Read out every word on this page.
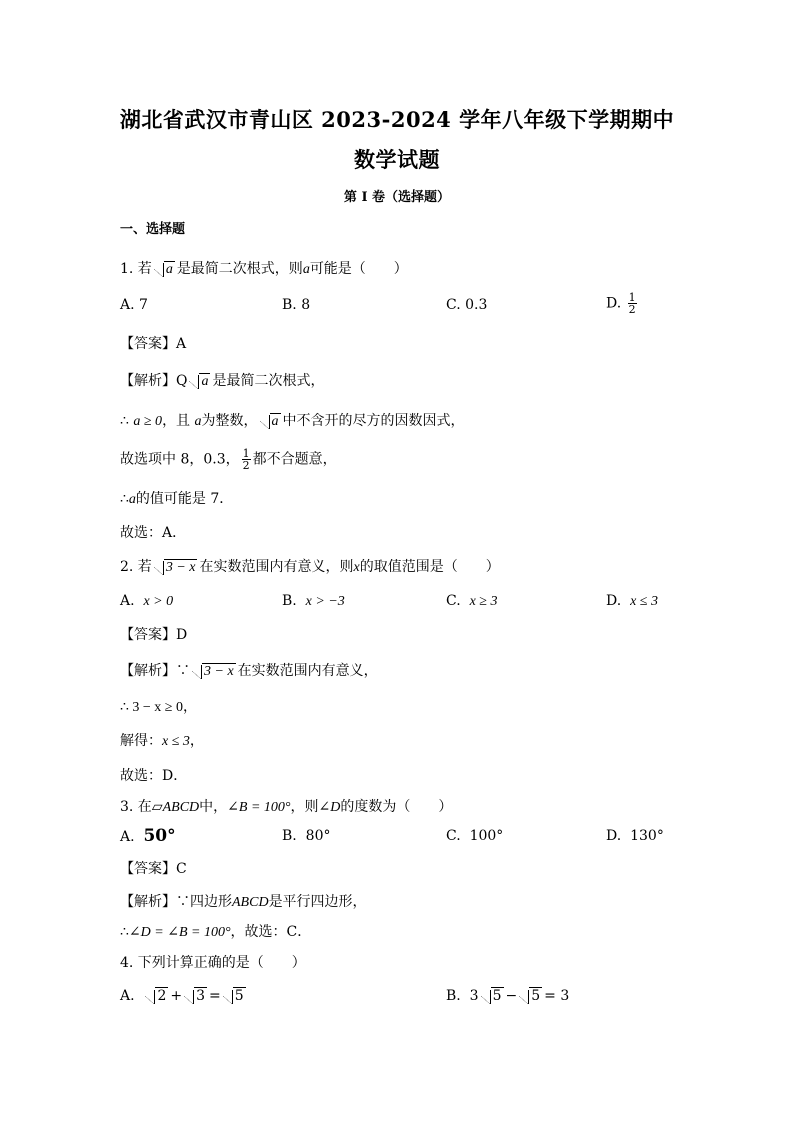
湖北省武汉市青山区 2023-2024 学年八年级下学期期中
数学试题
第 I 卷（选择题）
一、选择题
1. 若 a 是最简二次根式，则a可能是（　　）
A. 7	B. 8	C. 0.3	D. $\frac{1}{2}$
【答案】A
【解析】Q a 是最简二次根式，
∴ a ≥ 0，且 a为整数， a 中不含开的尽方的因数因式，
故选项中 8，0.3， $\frac{1}{2}$ 都不合题意，
∴a的值可能是 7．
故选：A．
2. 若 3 − x 在实数范围内有意义，则x的取值范围是（　　）
A. x > 0	B. x > −3	C. x ≥ 3	D. x ≤ 3
【答案】D
【解析】∵ 3 − x 在实数范围内有意义，
∴ 3 − x ≥ 0，
解得：x ≤ 3，
故选：D．
3. 在▱ABCD中，∠B = 100°，则∠D的度数为（　　）
A. 50°	B. 80°	C. 100°	D. 130°
【答案】C
【解析】∵四边形ABCD是平行四边形，
∴∠D = ∠B = 100°，故选：C．
4. 下列计算正确的是（　　）
A. 2 + 3 = 5	B. 3 5 − 5 = 3
